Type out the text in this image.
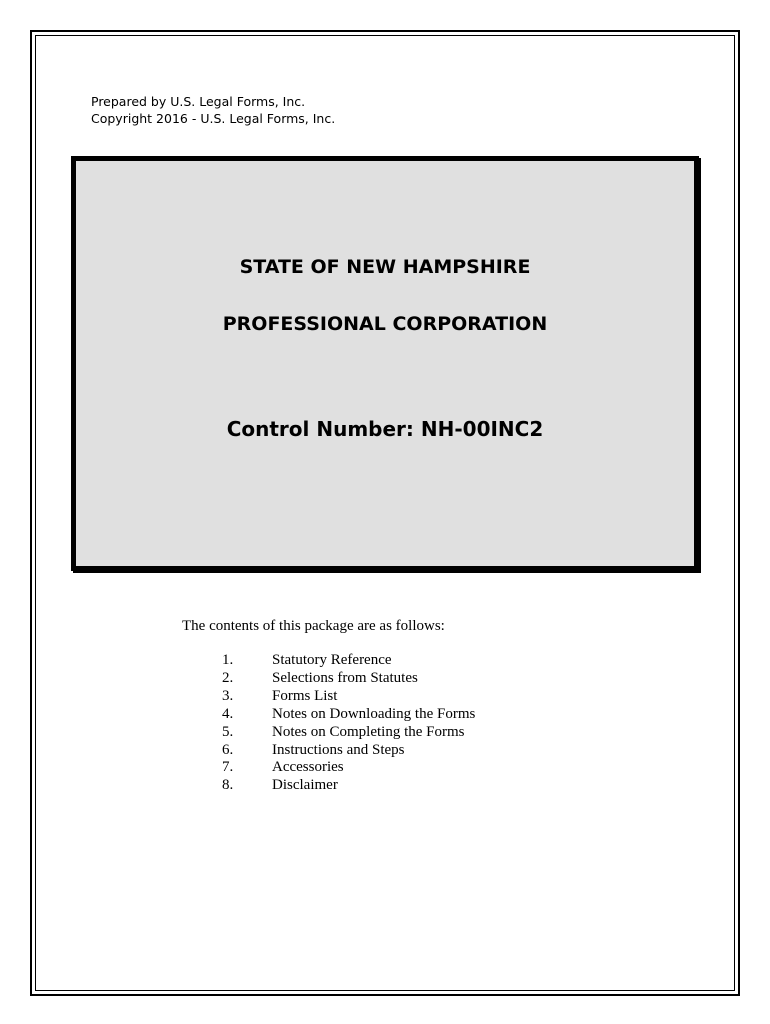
Prepared by U.S. Legal Forms, Inc.
Copyright 2016 - U.S. Legal Forms, Inc.
STATE OF NEW HAMPSHIRE
PROFESSIONAL CORPORATION
Control Number: NH-00INC2
The contents of this package are as follows:
1.	Statutory Reference
2.	Selections from Statutes
3.	Forms List
4.	Notes on Downloading the Forms
5.	Notes on Completing the Forms
6.	Instructions and Steps
7.	Accessories
8.	Disclaimer
